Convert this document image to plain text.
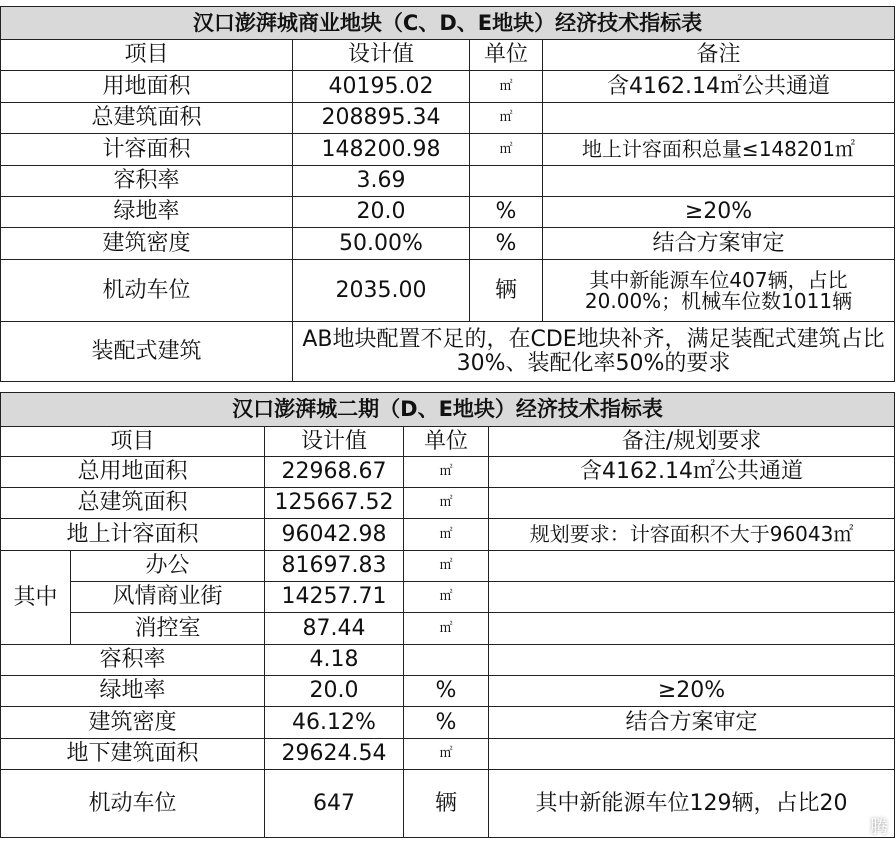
汉口澎湃城商业地块（C、D、E地块）经济技术指标表			
项目	设计值	单位	备注
用地面积	40195.02	㎡	含4162.14㎡公共通道
总建筑面积	208895.34	㎡	
计容面积	148200.98	㎡	地上计容面积总量≤148201㎡
容积率	3.69		
绿地率	20.0	%	≥20%
建筑密度	50.00%	%	结合方案审定
机动车位	2035.00	辆	其中新能源车位407辆，占比20.00%；机械车位数1011辆
装配式建筑	AB地块配置不足的，在CDE地块补齐，满足装配式建筑占比30%、装配化率50%的要求		
汉口澎湃城二期（D、E地块）经济技术指标表				
项目		设计值	单位	备注/规划要求
总用地面积		22968.67	㎡	含4162.14㎡公共通道
总建筑面积		125667.52	㎡	
地上计容面积		96042.98	㎡	规划要求：计容面积不大于96043㎡
其中	办公	81697.83	㎡	
	风情商业街	14257.71	㎡	
	消控室	87.44	㎡	
容积率		4.18		
绿地率		20.0	%	≥20%
建筑密度		46.12%	%	结合方案审定
地下建筑面积		29624.54	㎡	
机动车位		647	辆	其中新能源车位129辆，占比20
腾
